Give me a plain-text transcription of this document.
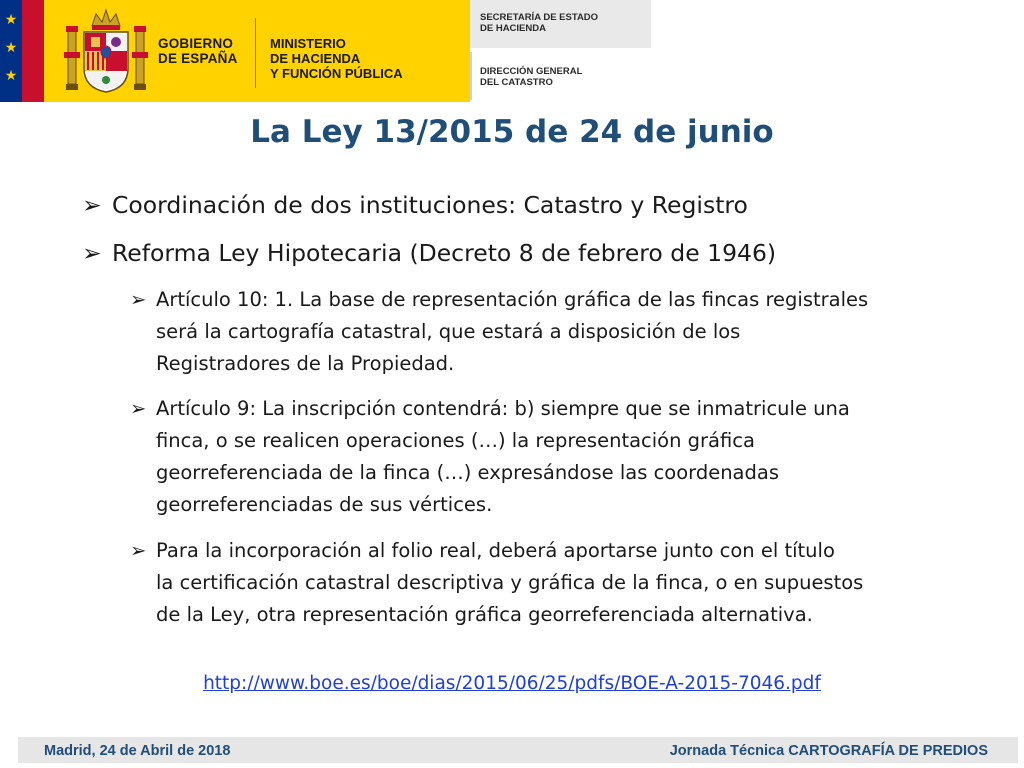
★
★
★
GOBIERNO
DE ESPAÑA
MINISTERIO
DE HACIENDA
Y FUNCIÓN PÚBLICA
SECRETARÍA DE ESTADO
DE HACIENDA
DIRECCIÓN GENERAL
DEL CATASTRO
La Ley 13/2015 de 24 de junio
➢ Coordinación de dos instituciones: Catastro y Registro
➢ Reforma Ley Hipotecaria (Decreto 8 de febrero de 1946)
➢ Artículo 10: 1. La base de representación gráfica de las fincas registrales
será la cartografía catastral, que estará a disposición de los
Registradores de la Propiedad.
➢ Artículo 9: La inscripción contendrá: b) siempre que se inmatricule una
finca, o se realicen operaciones (…) la representación gráfica
georreferenciada de la finca (…) expresándose las coordenadas
georreferenciadas de sus vértices.
➢ Para la incorporación al folio real, deberá aportarse junto con el título
la certificación catastral descriptiva y gráfica de la finca, o en supuestos
de la Ley, otra representación gráfica georreferenciada alternativa.
http://www.boe.es/boe/dias/2015/06/25/pdfs/BOE-A-2015-7046.pdf
Madrid, 24 de Abril de 2018	Jornada Técnica CARTOGRAFÍA DE PREDIOS
